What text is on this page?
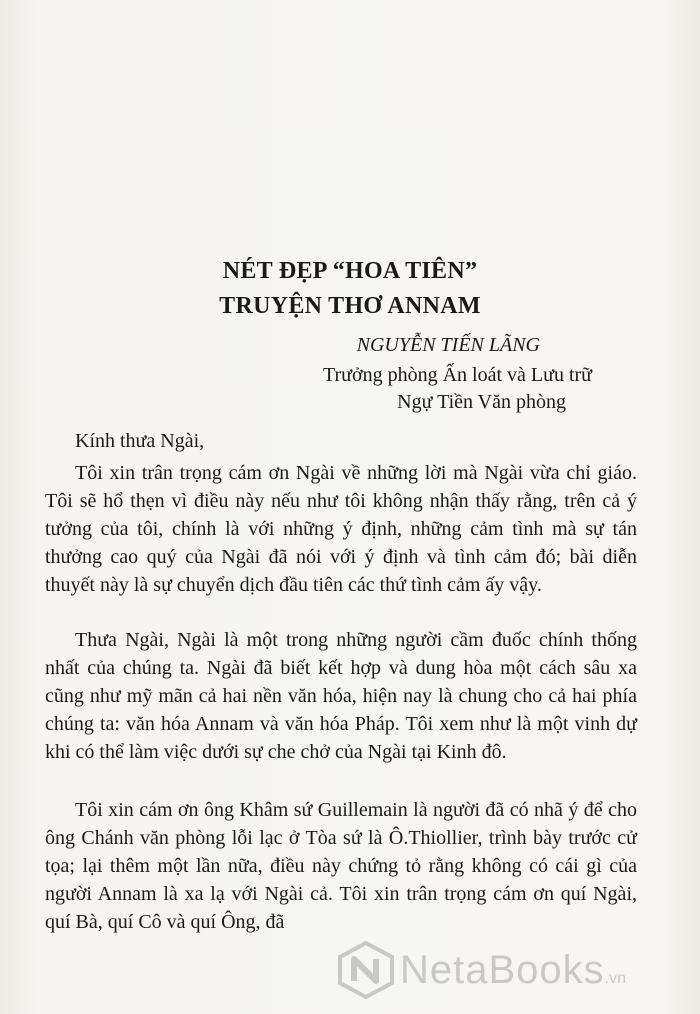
NÉT ĐẸP “HOA TIÊN”
TRUYỆN THƠ ANNAM
NGUYỄN TIẾN LÃNG
Trưởng phòng Ấn loát và Lưu trữ
Ngự Tiền Văn phòng
Kính thưa Ngài,

Tôi xin trân trọng cám ơn Ngài về những lời mà Ngài vừa chỉ giáo. Tôi sẽ hổ thẹn vì điều này nếu như tôi không nhận thấy rằng, trên cả ý tưởng của tôi, chính là với những ý định, những cảm tình mà sự tán thưởng cao quý của Ngài đã nói với ý định và tình cảm đó; bài diễn thuyết này là sự chuyển dịch đầu tiên các thứ tình cảm ấy vậy.

Thưa Ngài, Ngài là một trong những người cầm đuốc chính thống nhất của chúng ta. Ngài đã biết kết hợp và dung hòa một cách sâu xa cũng như mỹ mãn cả hai nền văn hóa, hiện nay là chung cho cả hai phía chúng ta: văn hóa Annam và văn hóa Pháp. Tôi xem như là một vinh dự khi có thể làm việc dưới sự che chở của Ngài tại Kinh đô.

Tôi xin cám ơn ông Khâm sứ Guillemain là người đã có nhã ý để cho ông Chánh văn phòng lỗi lạc ở Tòa sứ là Ô.Thiollier, trình bày trước cử tọa; lại thêm một lần nữa, điều này chứng tỏ rằng không có cái gì của người Annam là xa lạ với Ngài cả. Tôi xin trân trọng cám ơn quí Ngài, quí Bà, quí Cô và quí Ông, đã

NetaBooks.vn
